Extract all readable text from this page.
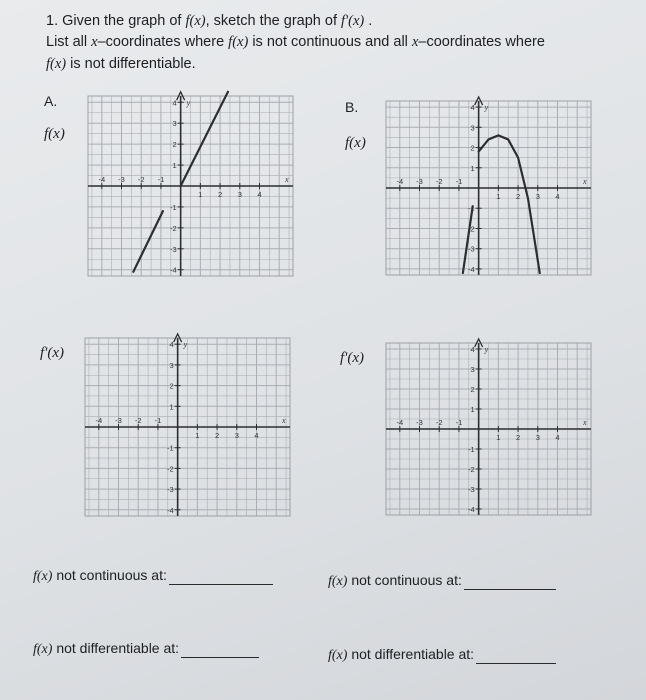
1. Given the graph of f(x), sketch the graph of f'(x) .
List all x–coordinates where f(x) is not continuous and all x–coordinates where
f(x) is not differentiable.
A.	B.
f(x)
f(x)
f'(x)	f'(x)
-4 -3 -2 -1
1 2 3 4
4
3
2
1
-1
-2
-3
-4
x
y
-4 -3 -2 -1
1 2 3 4
4
3
2
1
-1
-2
-3
-4
x
y
-4 -3 -2 -1
1 2 3 4
4
3
2
1
-1
-2
-3
-4
x
y
-4 -3 -2 -1
1 2 3 4
4
3
2
1
-1
-2
-3
-4
x
y
f(x) not continuous at:	f(x) not continuous at:
f(x) not differentiable at:	f(x) not differentiable at:
